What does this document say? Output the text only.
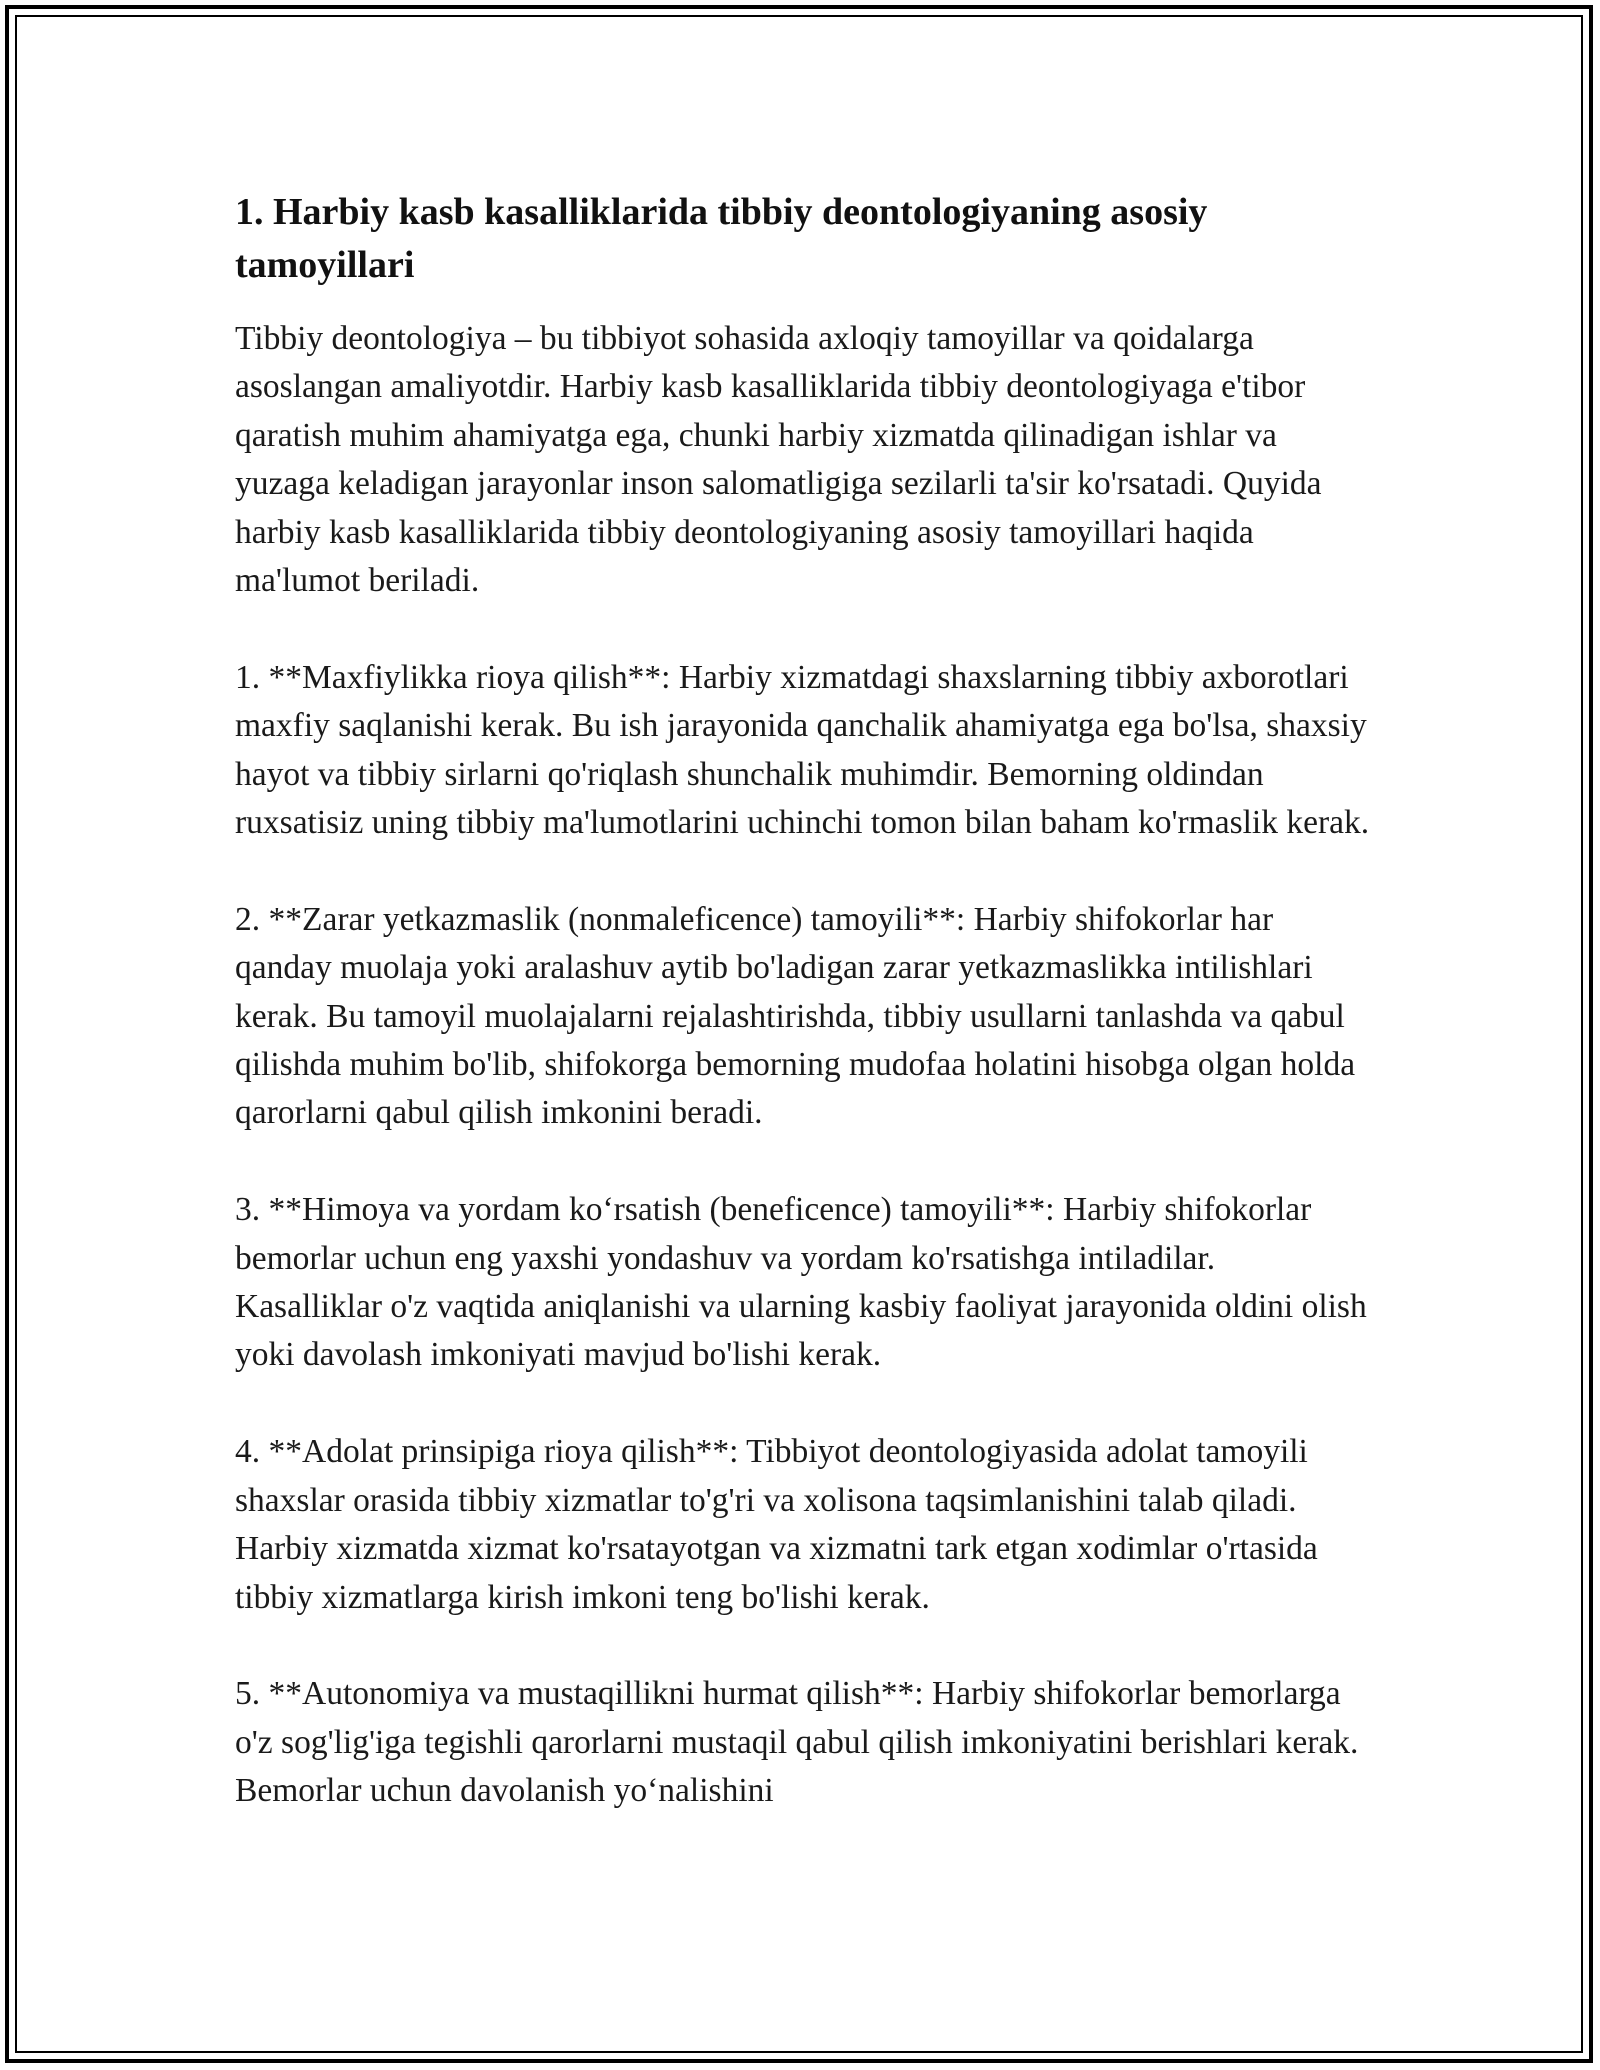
1. Harbiy kasb kasalliklarida tibbiy deontologiyaning asosiy tamoyillari

Tibbiy deontologiya – bu tibbiyot sohasida axloqiy tamoyillar va qoidalarga asoslangan amaliyotdir. Harbiy kasb kasalliklarida tibbiy deontologiyaga e'tibor qaratish muhim ahamiyatga ega, chunki harbiy xizmatda qilinadigan ishlar va yuzaga keladigan jarayonlar inson salomatligiga sezilarli ta'sir ko'rsatadi. Quyida harbiy kasb kasalliklarida tibbiy deontologiyaning asosiy tamoyillari haqida ma'lumot beriladi.

1. **Maxfiylikka rioya qilish**: Harbiy xizmatdagi shaxslarning tibbiy axborotlari maxfiy saqlanishi kerak. Bu ish jarayonida qanchalik ahamiyatga ega bo'lsa, shaxsiy hayot va tibbiy sirlarni qo'riqlash shunchalik muhimdir. Bemorning oldindan ruxsatisiz uning tibbiy ma'lumotlarini uchinchi tomon bilan baham ko'rmaslik kerak.

2. **Zarar yetkazmaslik (nonmaleficence) tamoyili**: Harbiy shifokorlar har qanday muolaja yoki aralashuv aytib bo'ladigan zarar yetkazmaslikka intilishlari kerak. Bu tamoyil muolajalarni rejalashtirishda, tibbiy usullarni tanlashda va qabul qilishda muhim bo'lib, shifokorga bemorning mudofaa holatini hisobga olgan holda qarorlarni qabul qilish imkonini beradi.

3. **Himoya va yordam ko‘rsatish (beneficence) tamoyili**: Harbiy shifokorlar bemorlar uchun eng yaxshi yondashuv va yordam ko'rsatishga intiladilar. Kasalliklar o'z vaqtida aniqlanishi va ularning kasbiy faoliyat jarayonida oldini olish yoki davolash imkoniyati mavjud bo'lishi kerak.

4. **Adolat prinsipiga rioya qilish**: Tibbiyot deontologiyasida adolat tamoyili shaxslar orasida tibbiy xizmatlar to'g'ri va xolisona taqsimlanishini talab qiladi. Harbiy xizmatda xizmat ko'rsatayotgan va xizmatni tark etgan xodimlar o'rtasida tibbiy xizmatlarga kirish imkoni teng bo'lishi kerak.

5. **Autonomiya va mustaqillikni hurmat qilish**: Harbiy shifokorlar bemorlarga o'z sog'lig'iga tegishli qarorlarni mustaqil qabul qilish imkoniyatini berishlari kerak. Bemorlar uchun davolanish yo‘nalishini
